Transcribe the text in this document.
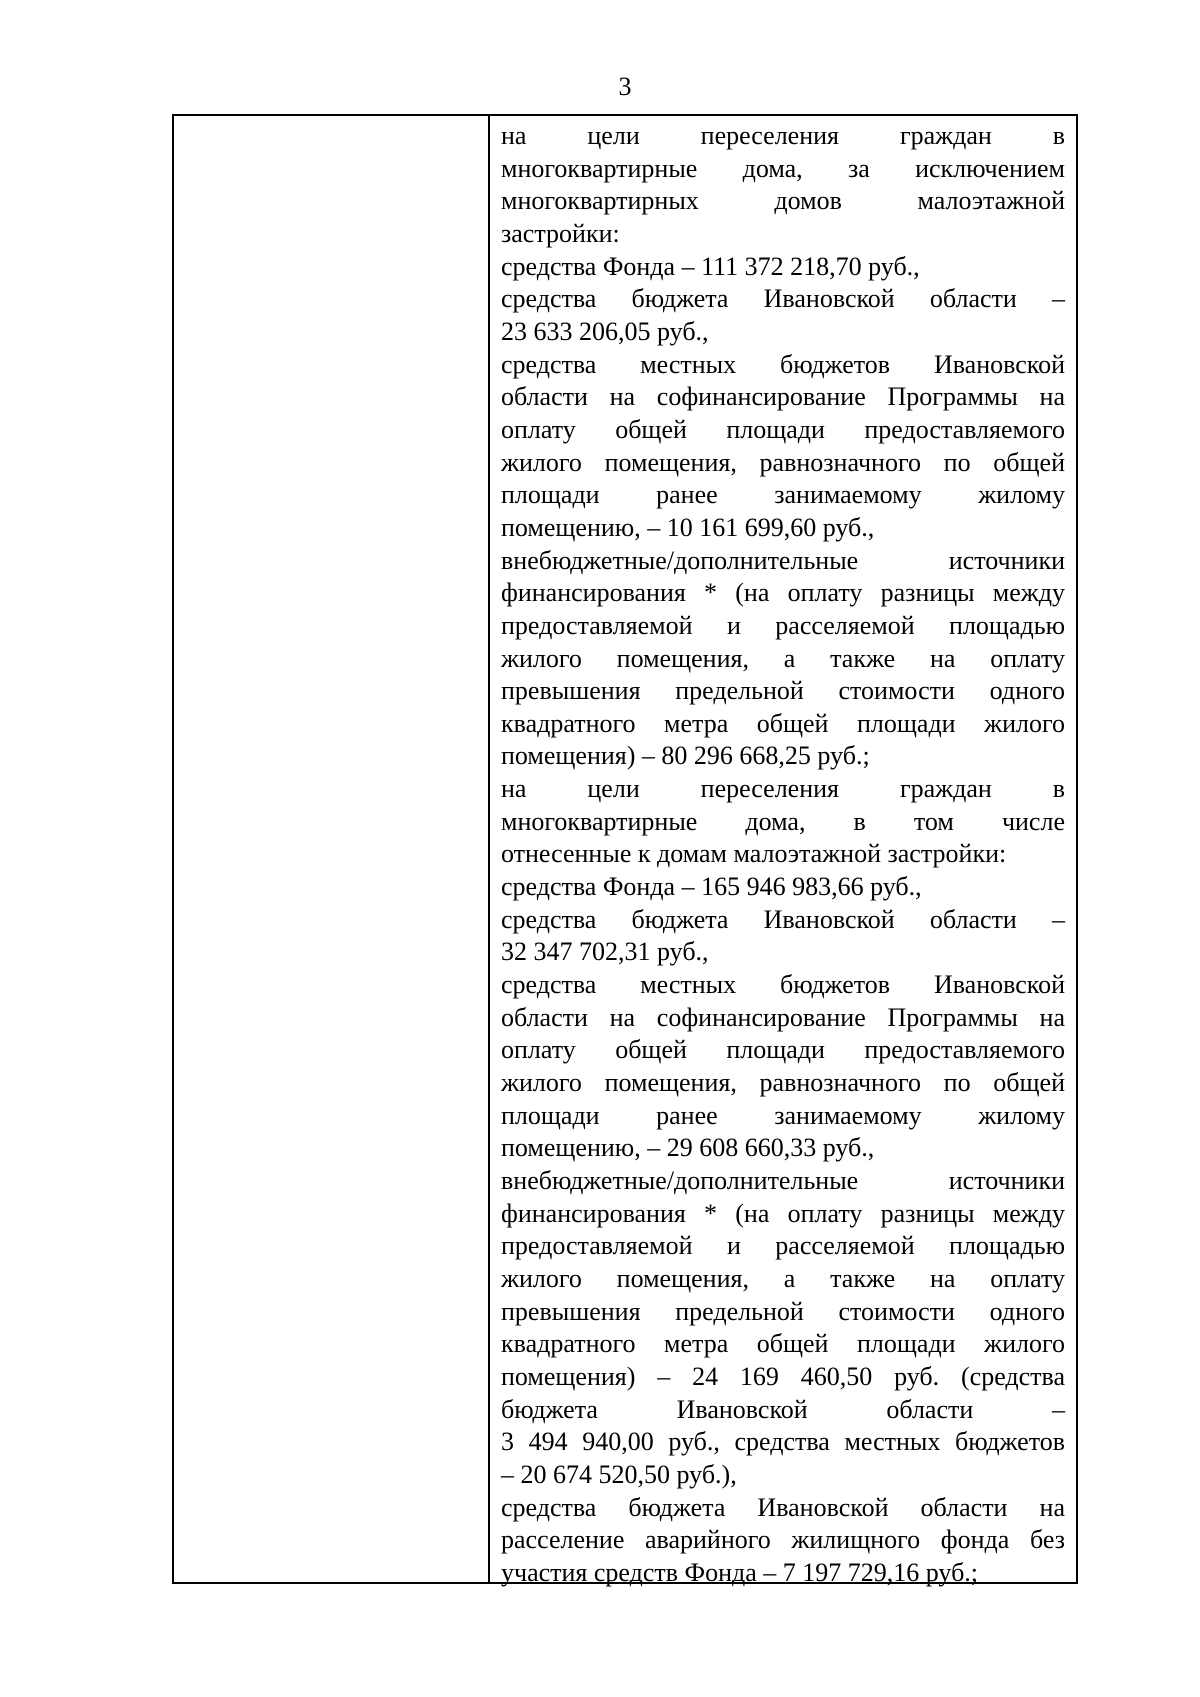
3
на цели переселения граждан в
многоквартирные дома, за исключением
многоквартирных домов малоэтажной
застройки:
средства Фонда – 111 372 218,70 руб.,
средства бюджета Ивановской области –
23 633 206,05 руб.,
средства местных бюджетов Ивановской
области на софинансирование Программы на
оплату общей площади предоставляемого
жилого помещения, равнозначного по общей
площади ранее занимаемому жилому
помещению, – 10 161 699,60 руб.,
внебюджетные/дополнительные источники
финансирования * (на оплату разницы между
предоставляемой и расселяемой площадью
жилого помещения, а также на оплату
превышения предельной стоимости одного
квадратного метра общей площади жилого
помещения) – 80 296 668,25 руб.;
на цели переселения граждан в
многоквартирные дома, в том числе
отнесенные к домам малоэтажной застройки:
средства Фонда – 165 946 983,66 руб.,
средства бюджета Ивановской области –
32 347 702,31 руб.,
средства местных бюджетов Ивановской
области на софинансирование Программы на
оплату общей площади предоставляемого
жилого помещения, равнозначного по общей
площади ранее занимаемому жилому
помещению, – 29 608 660,33 руб.,
внебюджетные/дополнительные источники
финансирования * (на оплату разницы между
предоставляемой и расселяемой площадью
жилого помещения, а также на оплату
превышения предельной стоимости одного
квадратного метра общей площади жилого
помещения) – 24 169 460,50 руб. (средства
бюджета Ивановской области –
3 494 940,00 руб., средства местных бюджетов
– 20 674 520,50 руб.),
средства бюджета Ивановской области на
расселение аварийного жилищного фонда без
участия средств Фонда – 7 197 729,16 руб.;
